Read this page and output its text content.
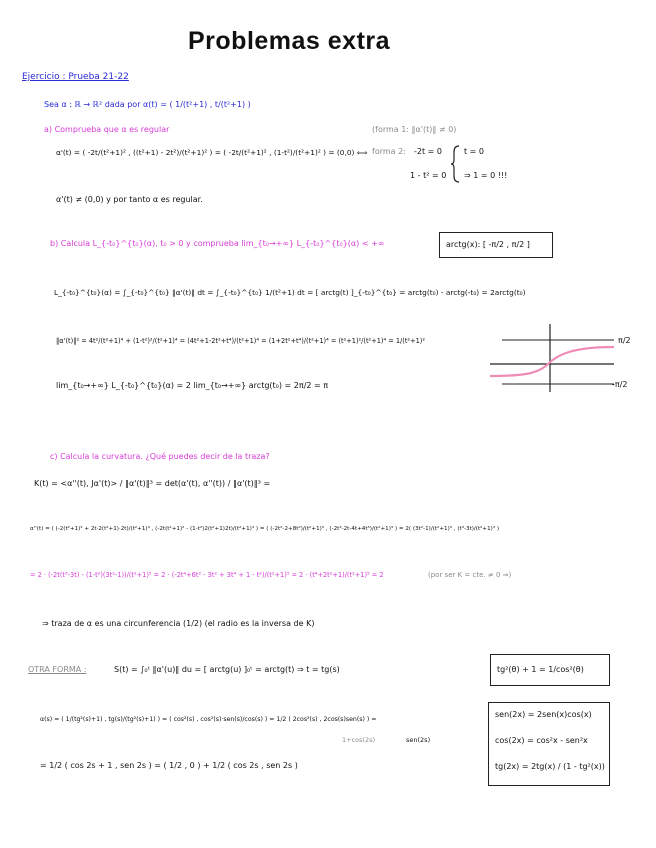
Problemas extra
Ejercicio : Prueba 21-22
Sea α : ℝ → ℝ² dada por α(t) = ( 1/(t²+1) , t/(t²+1) )
a) Comprueba que α es regular	(forma 1: ‖α'(t)‖ ≠ 0)
α'(t) = ( -2t/(t²+1)² , ((t²+1) - 2t²)/(t²+1)² ) = ( -2t/(t²+1)² , (1-t²)/(t²+1)² ) = (0,0) ⟺ forma 2: -2t = 0
1 - t² = 0
t = 0
⇒ 1 = 0 !!!
α'(t) ≠ (0,0) y por tanto α es regular.
b) Calcula L_{-t₀}^{t₀}(α), t₀ > 0 y comprueba lim_{t₀→+∞} L_{-t₀}^{t₀}(α) < +∞	arctg(x): [ -π/2 , π/2 ]
L_{-t₀}^{t₀}(α) = ∫_{-t₀}^{t₀} ‖α'(t)‖ dt = ∫_{-t₀}^{t₀} 1/(t²+1) dt = [ arctg(t) ]_{-t₀}^{t₀} = arctg(t₀) - arctg(-t₀) = 2arctg(t₀)
‖α'(t)‖² = 4t²/(t²+1)⁴ + (1-t²)²/(t²+1)⁴ = (4t²+1-2t²+t⁴)/(t²+1)⁴ = (1+2t²+t⁴)/(t²+1)⁴ = (t²+1)²/(t²+1)⁴ = 1/(t²+1)²
lim_{t₀→+∞} L_{-t₀}^{t₀}(α) = 2 lim_{t₀→+∞} arctg(t₀) = 2π/2 = π
π/2
-π/2
c) Calcula la curvatura. ¿Qué puedes decir de la traza?
K(t) = <α''(t), Jα'(t)> / ‖α'(t)‖³ = det(α'(t), α''(t)) / ‖α'(t)‖³ =
α''(t) = ( (-2(t²+1)² + 2t·2(t²+1)·2t)/(t²+1)⁴ , (-2t(t²+1)² - (1-t²)2(t²+1)2t)/(t²+1)⁴ ) = ( (-2t²-2+8t²)/(t²+1)³ , (-2t³-2t-4t+4t³)/(t²+1)³ ) = 2( (3t²-1)/(t²+1)³ , (t³-3t)/(t²+1)³ )
= 2 · (-2t(t³-3t) - (1-t²)(3t²-1))/(t²+1)⁵ = 2 · (-2t⁴+6t² - 3t² + 3t⁴ + 1 - t²)/(t²+1)⁵ = 2 · (t⁴+2t²+1)/(t²+1)⁵ = 2	(por ser K = cte. ≠ 0 ⇒)
⇒ traza de α es una circunferencia (1/2) (el radio es la inversa de K)
OTRA FORMA :	S(t) = ∫₀ᵗ ‖α'(u)‖ du = [ arctg(u) ]₀ᵗ = arctg(t) ⇒ t = tg(s)	tg²(θ) + 1 = 1/cos²(θ)
α(s) = ( 1/(tg²(s)+1) , tg(s)/(tg²(s)+1) ) = ( cos²(s) , cos²(s)·sen(s)/cos(s) ) = 1/2 ( 2cos²(s) , 2cos(s)sen(s) ) =
1+cos(2s)	sen(2s)
= 1/2 ( cos 2s + 1 , sen 2s ) = ( 1/2 , 0 ) + 1/2 ( cos 2s , sen 2s )
sen(2x) = 2sen(x)cos(x)
cos(2x) = cos²x - sen²x
tg(2x) = 2tg(x) / (1 - tg²(x))
